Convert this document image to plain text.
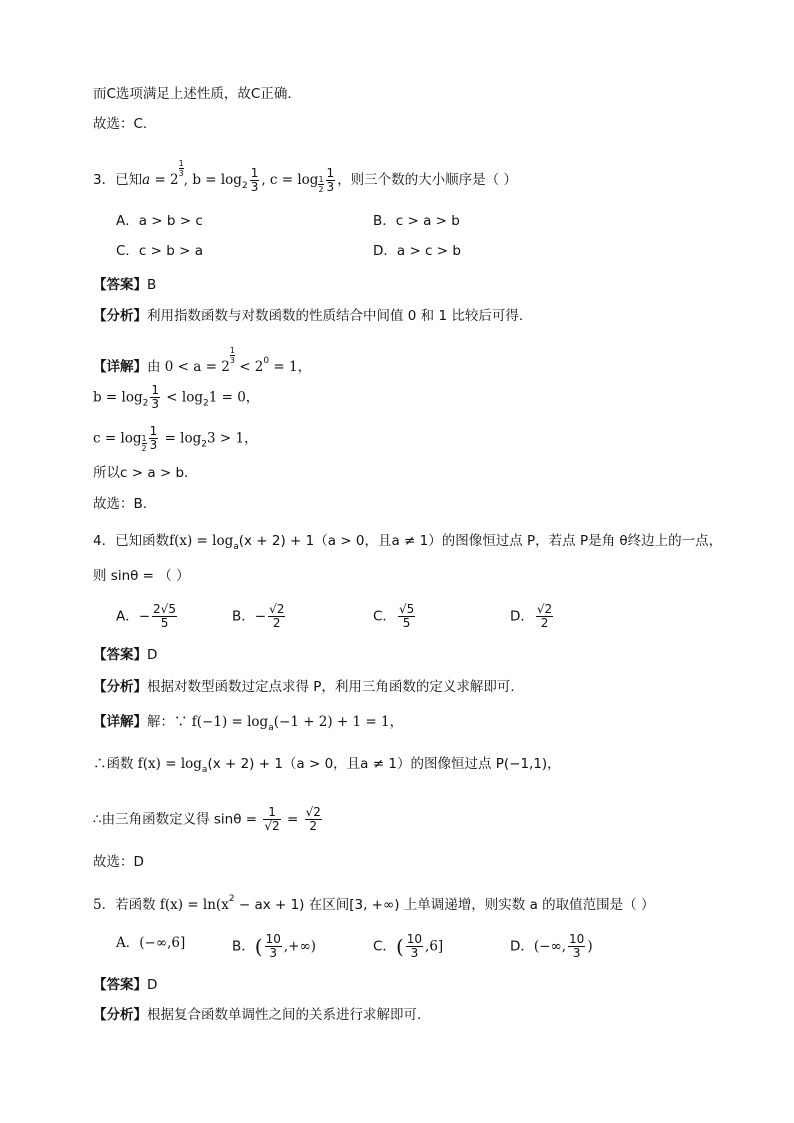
而C选项满足上述性质，故C正确.
故选：C.
3．已知a = 2
$\frac{1}{3}$
, $b = \log_2 \frac{1}{3}$ , $c = \log \frac{1}{2} \frac{1}{3}$ ，则三个数的大小顺序是（ ）
A．a > b > c	B．c > a > b
C．c > b > a	D．a > c > b
【答案】B
【分析】利用指数函数与对数函数的性质结合中间值 0 和 1 比较后可得.
【详解】由 0 < a = 2
$\frac{1}{3}$
< $2^0 = 1$，
$b = \log_2 \frac{1}{3} < \log_21 = 0$，
$c = \log \frac{1}{2} \frac{1}{3} = \log_23 > 1$，
所以c > a > b.
故选：B.
4．已知函数$f(x) = \log_a(x + 2) + 1(a > 0$，且a ≠ 1）的图像恒过点 P，若点 P是角 θ终边上的一点，
则 sinθ = （ ）
A．− $\frac{2√5}{5}$	B．− $\frac{√2}{2}$	C． $\frac{√5}{5}$	D． $\frac{√2}{2}$
【答案】D
【分析】根据对数型函数过定点求得 P，利用三角函数的定义求解即可.
【详解】解：∵ $f(-1) = \log_a(-1 + 2) + 1 = 1$，
∴函数 $f(x) = \log_a(x + 2) + 1(a > 0$，且a ≠ 1）的图像恒过点 P(−1,1)，
∴由三角函数定义得 $\sin\theta = \frac{1}{√2} = \frac{√2}{2}$
故选：D
5．若函数 $f(x) = \ln(x^2$ − ax + 1) 在区间[3, +∞) 上单调递增，则实数 a 的取值范围是（ ）
A．(−∞,6]	B．( $\frac{10}{3}$ ,+∞)	C．( $\frac{10}{3} ,6$]	D．(−∞, $\frac{10}{3}$ )
【答案】D
【分析】根据复合函数单调性之间的关系进行求解即可.
